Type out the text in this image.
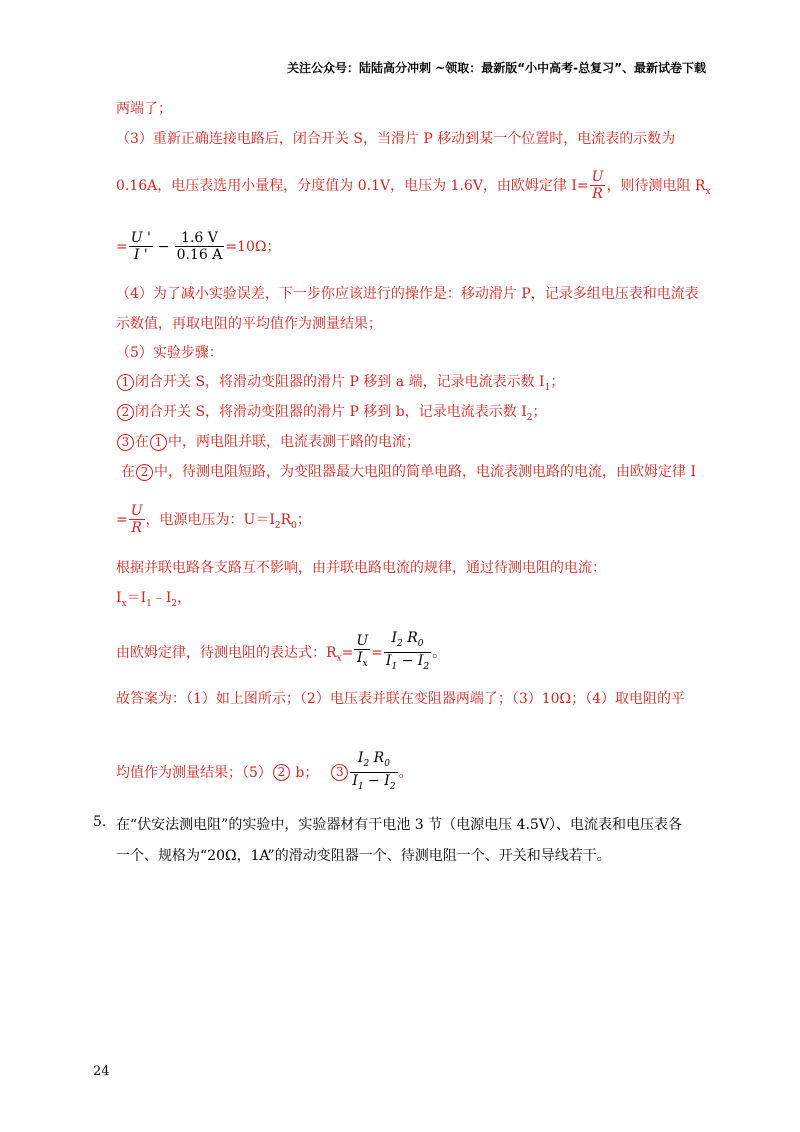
关注公众号：陆陆高分冲刺 ~领取：最新版“小中高考-总复习”、最新试卷下载
两端了；
（3）重新正确连接电路后，闭合开关 S，当滑片 P 移动到某一个位置时，电流表的示数为
0.16A，电压表选用小量程，分度值为 0.1V，电压为 1.6V，由欧姆定律 $I= \frac{U}{R}$ ，则待测电阻 $R_x$
= $\frac{U '}{I '} - \frac{1.6 V}{0.16 A} =10\Omega$；
（4）为了减小实验误差，下一步你应该进行的操作是：移动滑片 P，记录多组电压表和电流表
示数值，再取电阻的平均值作为测量结果；
（5）实验步骤：
1 闭合开关 S，将滑动变阻器的滑片 P 移到 a 端，记录电流表示数 $I_1$；
2 闭合开关 S，将滑动变阻器的滑片 P 移到 b，记录电流表示数 $I_2$；
3 在 1 中，两电阻并联，电流表测干路的电流；
在 2 中，待测电阻短路，为变阻器最大电阻的简单电路，电流表测电路的电流，由欧姆定律 I
= $\frac{U}{R}$ ，电源电压为：$U=I_2R_0$；
根据并联电路各支路互不影响，由并联电路电流的规律，通过待测电阻的电流：
$I_x=I_1﹣I_2$，
由欧姆定律，待测电阻的表达式：$R_x= \frac{U}{I_x} = \frac{I_2 R_0}{I_1 - I_2}$ 。
故答案为：（1）如上图所示；（2）电压表并联在变阻器两端了；（3）10Ω；（4）取电阻的平
均值作为测量结果；（5） 2 b； $3 \frac{I_2 R_0}{I_1 - I_2}$ 。
5. 在“伏安法测电阻”的实验中，实验器材有干电池 3 节（电源电压 4.5V）、电流表和电压表各
一个、规格为“20Ω，1A”的滑动变阻器一个、待测电阻一个、开关和导线若干。
24
